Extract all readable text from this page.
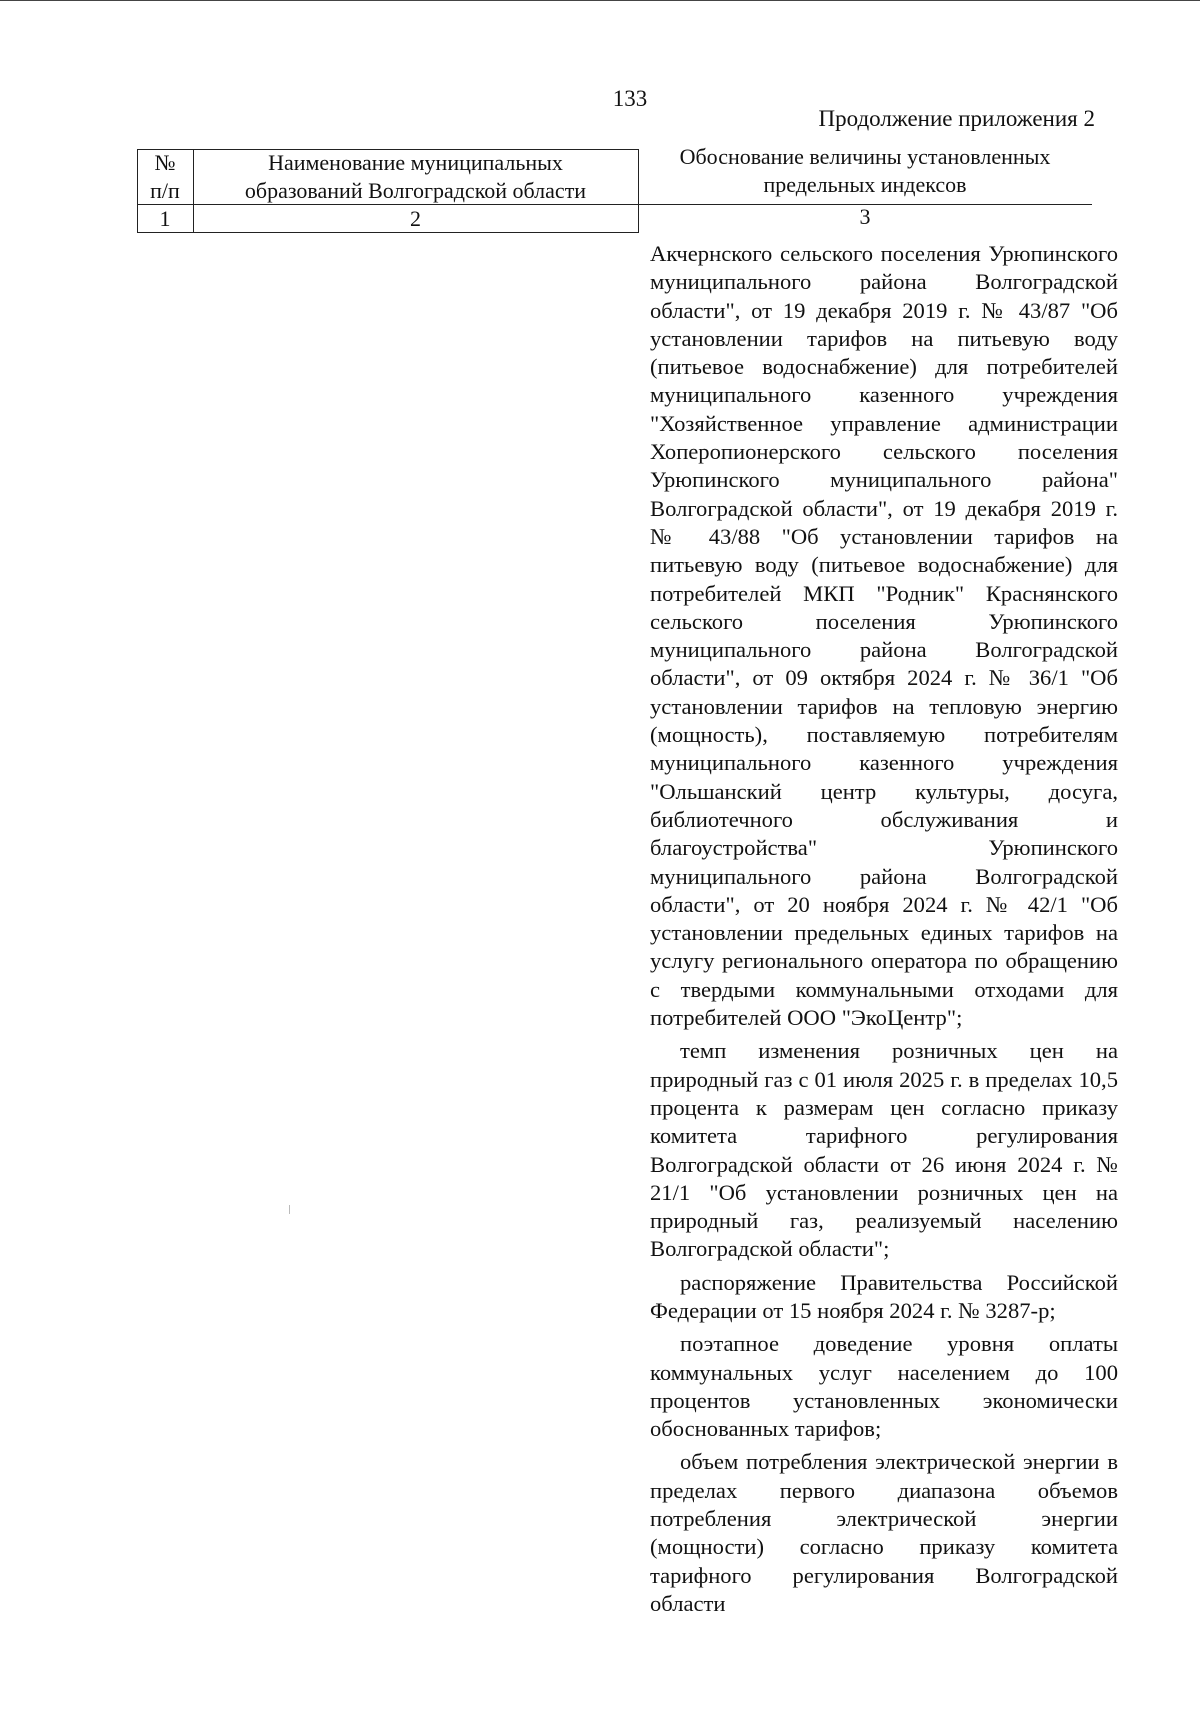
133
Продолжение приложения 2
№
п/п
1
Наименование муниципальных
образований Волгоградской области
2
Обоснование величины установленных
предельных индексов
3

Акчернского сельского поселения Урюпинского муниципального района Волгоградской области", от 19 декабря 2019 г. № 43/87 "Об установлении тарифов на питьевую воду (питьевое водоснабжение) для потребителей муниципального казенного учреждения "Хозяйственное управление администрации Хоперопионерского сельского поселения Урюпинского муниципального района" Волгоградской области", от 19 декабря 2019 г. № 43/88 "Об установлении тарифов на питьевую воду (питьевое водоснабжение) для потребителей МКП "Родник" Краснянского сельского поселения Урюпинского муниципального района Волгоградской области", от 09 октября 2024 г. № 36/1 "Об установлении тарифов на тепловую энергию (мощность), поставляемую потребителям муниципального казенного учреждения "Ольшанский центр культуры, досуга, библиотечного обслуживания и благоустройства" Урюпинского муниципального района Волгоградской области", от 20 ноября 2024 г. № 42/1 "Об установлении предельных единых тарифов на услугу регионального оператора по обращению с твердыми коммунальными отходами для потребителей ООО "ЭкоЦентр";

темп изменения розничных цен на природный газ с 01 июля 2025 г. в пределах 10,5 процента к размерам цен согласно приказу комитета тарифного регулирования Волгоградской области от 26 июня 2024 г. № 21/1 "Об установлении розничных цен на природный газ, реализуемый населению Волгоградской области";

распоряжение Правительства Российской Федерации от 15 ноября 2024 г. № 3287-р;

поэтапное доведение уровня оплаты коммунальных услуг населением до 100 процентов установленных экономически обоснованных тарифов;

объем потребления электрической энергии в пределах первого диапазона объемов потребления электрической энергии (мощности) согласно приказу комитета тарифного регулирования Волгоградской области
